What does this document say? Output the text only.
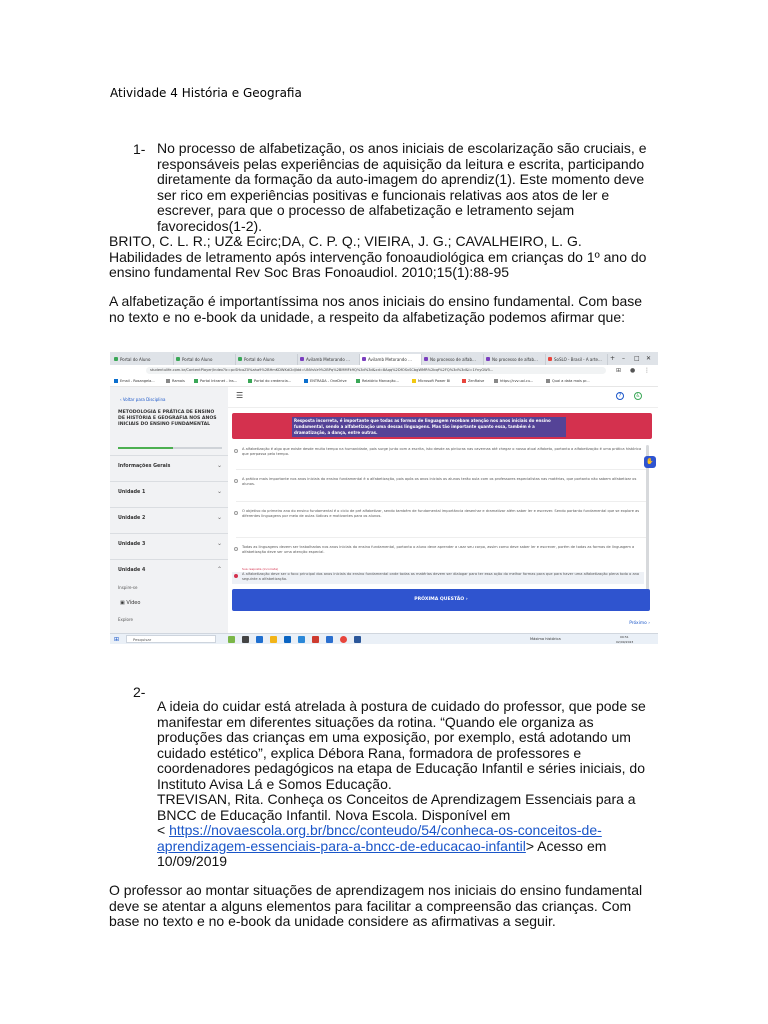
Atividade 4 História e Geografia
1- No processo de alfabetização, os anos iniciais de escolarização são cruciais, e

responsáveis pelas experiências de aquisição da leitura e escrita, participando

diretamente da formação da auto-imagem do aprendiz(1). Este momento deve

ser rico em experiências positivas e funcionais relativas aos atos de ler e

escrever, para que o processo de alfabetização e letramento sejam

favorecidos(1-2).

BRITO, C. L. R.; UZ& Ecirc;DA, C. P. Q.; VIEIRA, J. G.; CAVALHEIRO, L. G.

Habilidades de letramento após intervenção fonoaudiológica em crianças do 1º ano do

ensino fundamental Rev Soc Bras Fonoaudiol. 2010;15(1):88-95

A alfabetização é importantíssima nos anos iniciais do ensino fundamental. Com base

no texto e no e-book da unidade, a respeito da alfabetização podemos afirmar que:

Portal do Aluno	Portal do Aluno	Portal do Aluno	Avilamb Metorando ...	Avilamb Metorando ...	No processo de alfab...	No processo de alfab...	SoSLO - Brasil - A arte...	+ – □ ✕
studentulife.com.br/ContentPlayer/Index?lc=pcSHcoZ0%aha9%2BHmKDWKdi2dJldd=UNVsVz9%2BPq%2BMMFk9Q%3d%3d&cd=8Aqq%2DfOSvSCbgWMR%2bqf%2FQ%3d%3d&l=1YnyGW5...	⊞ ● ⋮
Email - Rosangela...	Ramais	Portal Intranet - Ins...	Portal do credencia...	ENTRADA - OneDrive	Relatório Marcação...	Microsoft Power BI	ZenRaise	https://cvv.uol.cu...	Qual a data mais pr...
‹ Voltar para Disciplina
METODOLOGIA E PRÁTICA DE ENSINO DE HISTÓRIA E GEOGRAFIA NOS ANOS INICIAIS DO ENSINO FUNDAMENTAL
Informações Gerais	⌄
Unidade 1	⌄
Unidade 2	⌄
Unidade 3	⌄
Unidade 4	⌃
Inspire-se
▣ Vídeo
Explore
☰	?	♿
Resposta incorreta, é importante que todas as formas de linguagem recebam atenção nos anos iniciais do ensino fundamental, sendo a alfabetização uma dessas linguagens. Mas tão importante quanto essa, também é a dramatização, a dança, entre outras.
A alfabetização é algo que existe desde muito tempo na humanidade, pois surge junto com a escrita, isto desde as pinturas nas cavernas até chegar o nosso atual alfabeto, portanto a alfabetização é uma prática histórica que perpassa pelo tempo.
A prática mais importante nos anos iniciais do ensino fundamental é a alfabetização, pois após os anos iniciais os alunos terão aula com os professores especialistas nas matérias, que portanto não sabem alfabetizar os alunos.
O objetivo do primeiro ano do ensino fundamental é o ciclo de pré alfabetizar, sendo também de fundamental importância desenhar e dramatizar além saber ler e escrever. Sendo portanto fundamental que se explore as diferentes linguagens por meio de aulas lúdicas e motivantes para os alunos.
Todas as linguagens devem ser trabalhadas nos anos iniciais do ensino fundamental, portanto o aluno deve aprender a usar seu corpo, assim como deve saber ler e escrever, porém de todas as formas de linguagem a alfabetização deve ser uma atenção especial.
Sua resposta (incorreta)
A alfabetização deve ser o foco principal dos anos iniciais do ensino fundamental onde todas as matérias devem ser dialogar para ter essa ação do melhor formas para que para haver uma alfabetização plena todo o ano seguinte a alfabetização.
PRÓXIMA QUESTÃO ›
Próximo ›
✋
⊞	Pesquisar	Máxima histórica	09:51
02/09/2023
2-

A ideia do cuidar está atrelada à postura de cuidado do professor, que pode se

manifestar em diferentes situações da rotina. “Quando ele organiza as

produções das crianças em uma exposição, por exemplo, está adotando um

cuidado estético”, explica Débora Rana, formadora de professores e

coordenadores pedagógicos na etapa de Educação Infantil e séries iniciais, do

Instituto Avisa Lá e Somos Educação.

TREVISAN, Rita. Conheça os Conceitos de Aprendizagem Essenciais para a

BNCC de Educação Infantil. Nova Escola. Disponível em

< https://novaescola.org.br/bncc/conteudo/54/conheca-os-conceitos-de-

aprendizagem-essenciais-para-a-bncc-de-educacao-infantil> Acesso em

10/09/2019

O professor ao montar situações de aprendizagem nos iniciais do ensino fundamental

deve se atentar a alguns elementos para facilitar a compreensão das crianças. Com

base no texto e no e-book da unidade considere as afirmativas a seguir.
